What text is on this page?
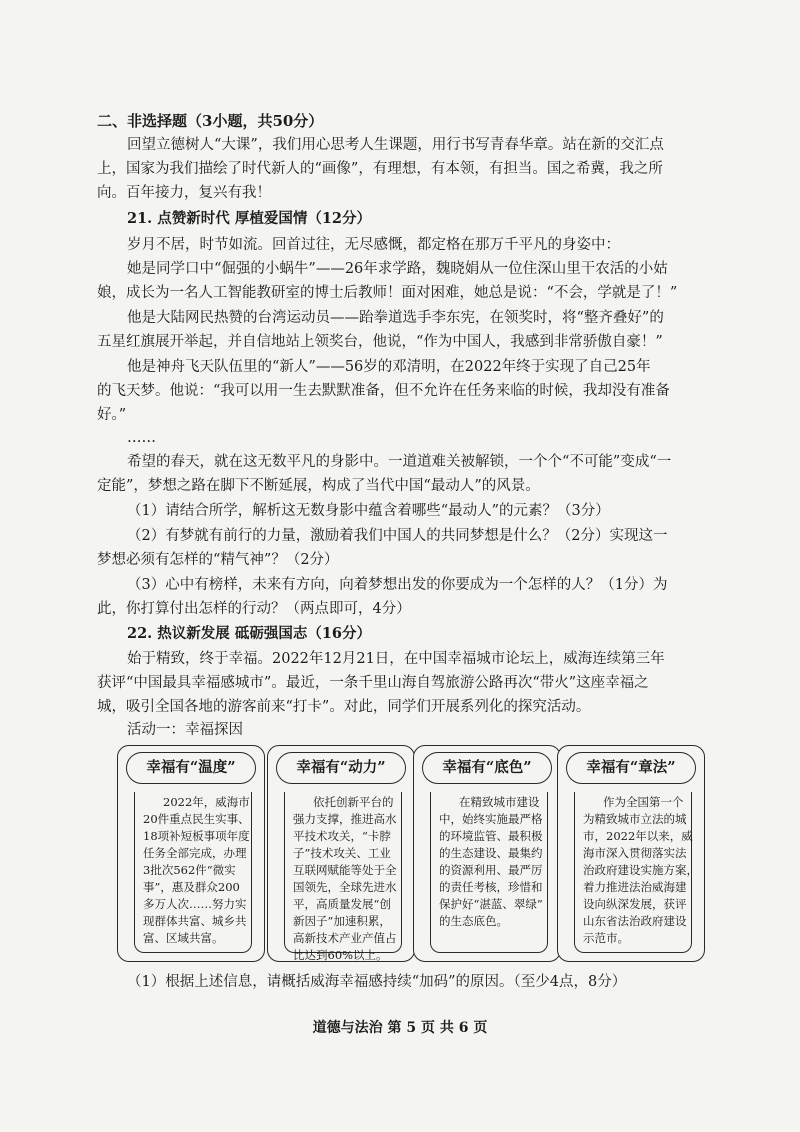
二、非选择题（3小题，共50分）
回望立德树人“大课”，我们用心思考人生课题，用行书写青春华章。站在新的交汇点
上，国家为我们描绘了时代新人的“画像”，有理想，有本领，有担当。国之希冀，我之所
向。百年接力，复兴有我！
21. 点赞新时代 厚植爱国情（12分）
岁月不居，时节如流。回首过往，无尽感慨，都定格在那万千平凡的身姿中：
她是同学口中“倔强的小蜗牛”——26年求学路，魏晓娟从一位住深山里干农活的小姑
娘，成长为一名人工智能教研室的博士后教师！面对困难，她总是说：“不会，学就是了！”
他是大陆网民热赞的台湾运动员——跆拳道选手李东宪，在领奖时，将“整齐叠好”的
五星红旗展开举起，并自信地站上领奖台，他说，“作为中国人，我感到非常骄傲自豪！”
他是神舟飞天队伍里的“新人”——56岁的邓清明，在2022年终于实现了自己25年
的飞天梦。他说：“我可以用一生去默默准备，但不允许在任务来临的时候，我却没有准备
好。”
……
希望的春天，就在这无数平凡的身影中。一道道难关被解锁，一个个“不可能”变成“一
定能”，梦想之路在脚下不断延展，构成了当代中国“最动人”的风景。
（1）请结合所学，解析这无数身影中蕴含着哪些“最动人”的元素？（3分）
（2）有梦就有前行的力量，激励着我们中国人的共同梦想是什么？（2分）实现这一
梦想必须有怎样的“精气神”？（2分）
（3）心中有榜样，未来有方向，向着梦想出发的你要成为一个怎样的人？（1分）为
此，你打算付出怎样的行动？（两点即可，4分）
22. 热议新发展 砥砺强国志（16分）
始于精致，终于幸福。2022年12月21日，在中国幸福城市论坛上，威海连续第三年
获评“中国最具幸福感城市”。最近，一条千里山海自驾旅游公路再次“带火”这座幸福之
城，吸引全国各地的游客前来“打卡”。对此，同学们开展系列化的探究活动。
活动一：幸福探因
幸福有“温度”
2022年，威海市
20件重点民生实事、
18项补短板事项年度
任务全部完成，办理
3批次562件“微实
事”，惠及群众200
多万人次……努力实
现群体共富、城乡共
富、区域共富。
幸福有“动力”
依托创新平台的
强力支撑，推进高水
平技术攻关，“卡脖
子”技术攻关、工业
互联网赋能等处于全
国领先，全球先进水
平，高质量发展“创
新因子”加速积累，
高新技术产业产值占
比达到60%以上。
幸福有“底色”
在精致城市建设
中，始终实施最严格
的环境监管、最积极
的生态建设、最集约
的资源利用、最严厉
的责任考核，珍惜和
保护好“湛蓝、翠绿”
的生态底色。
幸福有“章法”
作为全国第一个
为精致城市立法的城
市，2022年以来，威
海市深入贯彻落实法
治政府建设实施方案，
着力推进法治威海建
设向纵深发展，获评
山东省法治政府建设
示范市。
（1）根据上述信息，请概括威海幸福感持续“加码”的原因。（至少4点，8分）
道德与法治 第 5 页 共 6 页
